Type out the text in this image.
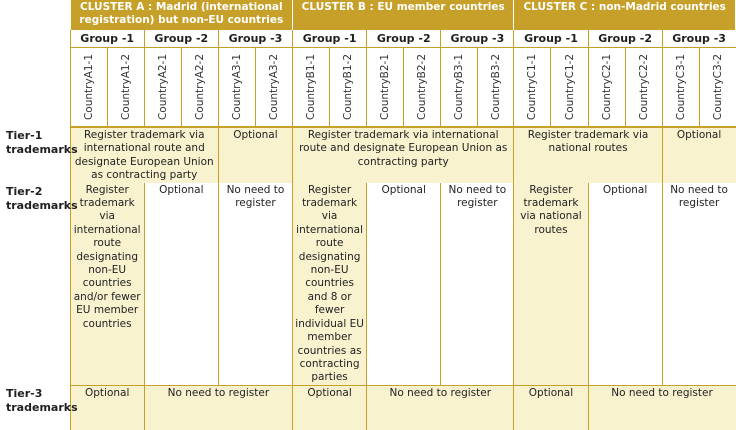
	CLUSTER A : Madrid (international registration) but non-EU countries						CLUSTER B : EU member countries						CLUSTER C : non-Madrid countries					
	Group -1		Group -2		Group -3		Group -1		Group -2		Group -3		Group -1		Group -2		Group -3	

	CountryA1-1	CountryA1-2	CountryA2-1	CountryA2-2	CountryA3-1	CountryA3-2	CountryB1-1	CountryB1-2	CountryB2-1	CountryB2-2	CountryB3-1	CountryB3-2	CountryC1-1	CountryC1-2	CountryC2-1	CountryC2-2	CountryC3-1	CountryC3-2

Tier-1 trademarks	Register trademark via international route and designate European Union as contracting party				Optional		Register trademark via international route and designate European Union as contracting party						Register trademark via national routes				Optional	
Tier-2 trademarks	Register trademark via international route designating non-EU countries and/or fewer EU member countries		Optional		No need to register		Register trademark via international route designating non-EU countries and 8 or fewer individual EU member countries as contracting parties		Optional		No need to register		Register trademark via national routes		Optional		No need to register	
Tier-3 trademarks	Optional		No need to register				Optional		No need to register				Optional		No need to register			
